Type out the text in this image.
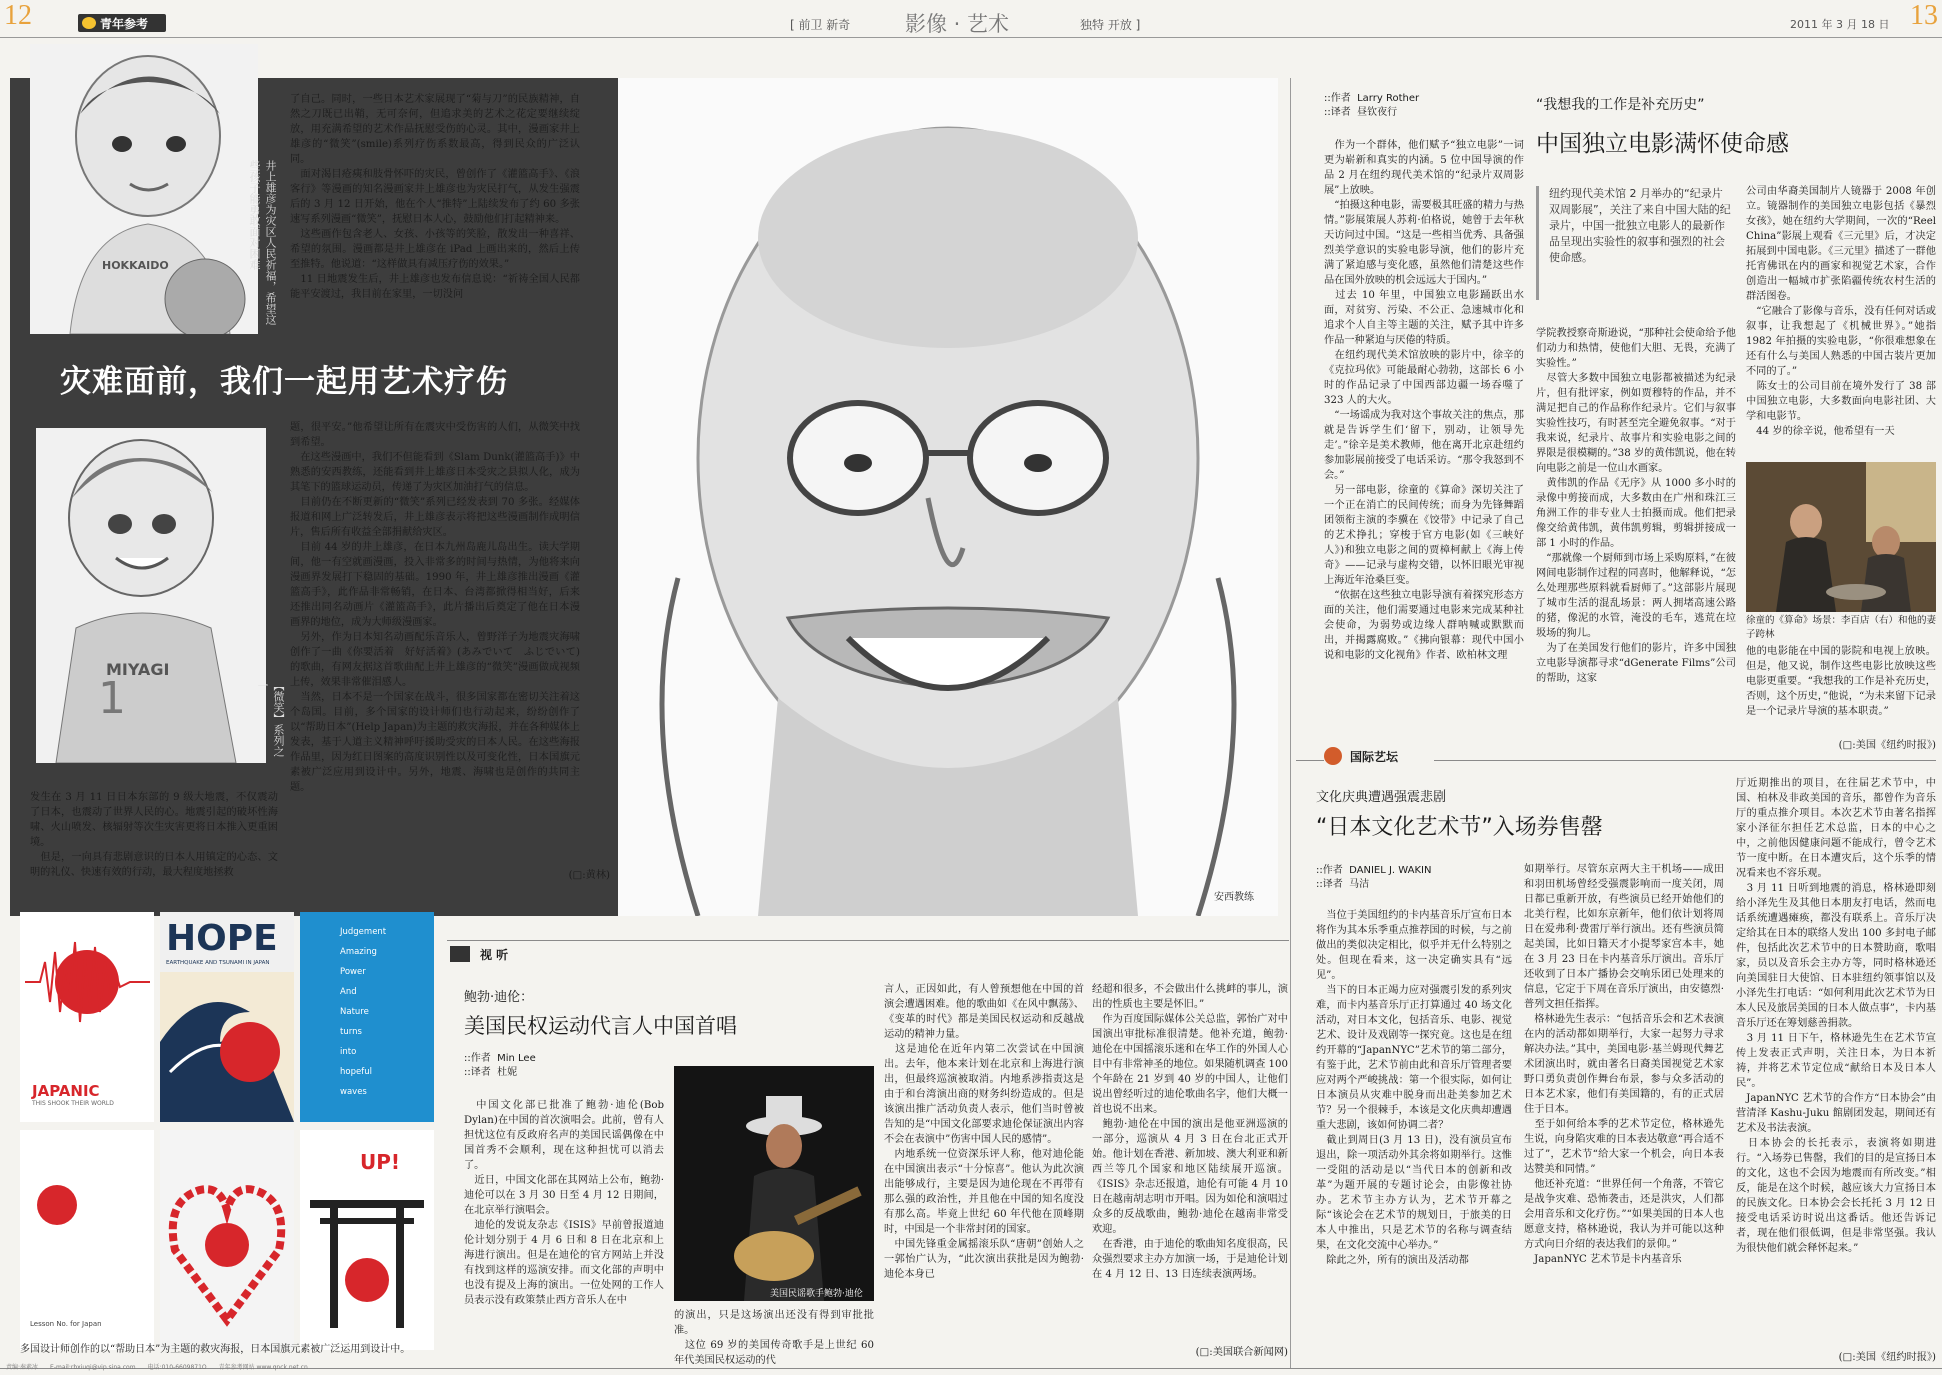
12	青年参考	[ 前卫 新奇	影像 · 艺术	独特 开放 ]	2011 年 3 月 18 日 13
HOKKAIDO	井上雄彦为灾区人民祈福，希望这些孩子能勇敢面对困难
了自己。同时，一些日本艺术家展现了“菊与刀”的民族精神，自然之刀既已出鞘，无可奈何，但追求美的艺术之花定要继续绽放，用充满希望的艺术作品抚慰受伤的心灵。其中，漫画家井上雄彦的“微笑”(smile)系列疗伤系数最高，得到民众的广泛认同。
　面对渴目疮痍和肢骨怀吓的灾民，曾创作了《灌篮高手》、《浪客行》等漫画的知名漫画家井上雄彦也为灾民打气，从发生强震后的 3 月 12 日开始，他在个人“推特”上陆续发布了约 60 多张速写系列漫画“微笑”，抚慰日本人心，鼓励他们打起精神来。
　这些画作包含老人、女孩、小孩等的笑脸，散发出一种喜祥、希望的氛围。漫画都是井上雄彦在 iPad 上画出来的，然后上传至推特。他说道：“这样做具有减压疗伤的效果。”
　11 日地震发生后，井上雄彦也发布信息说：“祈祷全国人民都能平安渡过，我目前在家里，一切没问
灾难面前，我们一起用艺术疗伤
1
MIYAGI
【微笑】系列之一
题，很平安。”他希望让所有在震灾中受伤害的人们，从微笑中找到希望。
　在这些漫画中，我们不但能看到《Slam Dunk(灌篮高手)》中熟悉的安西教练，还能看到井上雄彦日本受灾之县拟人化，成为其笔下的篮球运动员，传递了为灾区加油打气的信息。
　目前仍在不断更新的“微笑”系列已经发表到 70 多张。经媒体报道和网上广泛转发后，井上雄彦表示将把这些漫画制作成明信片，售后所有收益全部捐献给灾区。
　目前 44 岁的井上雄彦，在日本九州岛鹿儿岛出生。读大学期间，他一有空就画漫画，投入非常多的时间与热情，为他将来向漫画界发展打下稳固的基础。1990 年，井上雄彦推出漫画《灌篮高手》，此作品非常畅销，在日本、台湾都掀得相当好，后来还推出同名动画片《灌篮高手》，此片播出后奠定了他在日本漫画界的地位，成为大师级漫画家。
　另外，作为日本知名动画配乐音乐人，曾野洋子为地震灾海啸创作了一曲《你要活着　好好活着》(あみでいて　ふじでいて)的歌曲，有网友据这首歌曲配上井上雄彦的“微笑”漫画做成视频上传，效果非常催泪感人。
　当然，日本不是一个国家在战斗，很多国家都在密切关注着这个岛国。目前，多个国家的设计师们也行动起来，纷纷创作了以“帮助日本”(Help Japan)为主题的救灾海报，并在各种媒体上发表，基于人道主义精神呼吁援助受灾的日本人民。在这些海报作品里，因为红日图案的高度识别性以及可变化性，日本国旗元素被广泛应用到设计中。另外，地震、海啸也是创作的共同主题。
发生在 3 月 11 日日本东部的 9 级大地震，不仅震动了日本，也震动了世界人民的心。地震引起的破坏性海啸、火山喷发、核辐射等次生灾害更将日本推入更重困境。
　但是，一向具有悲剧意识的日本人用镇定的心态、文明的礼仪、快速有效的行动，最大程度地拯救	(□:黄林)
安西教练
JAPANIC
THIS SHOOK THEIR WORLD
HOPE
EARTHQUAKE AND TSUNAMI IN JAPAN
Judgement
Amazing
Power
And
Nature
turns
into
hopeful
waves
Lesson No. for Japan
UP!
多国设计师创作的以“帮助日本”为主题的救灾海报，日本国旗元素被广泛运用到设计中。
视 听
鲍勃·迪伦：
美国民权运动代言人中国首唱
::作者 Min Lee
::译者 杜妮
　中国文化部已批准了鲍勃·迪伦(Bob Dylan)在中国的首次演唱会。此前，曾有人担忧这位有反政府名声的美国民谣偶像在中国首秀不会顺利，现在这种担忧可以消去了。
　近日，中国文化部在其网站上公布，鲍勃·迪伦可以在 3 月 30 日至 4 月 12 日期间，在北京举行演唱会。
　迪伦的发说友杂志《ISIS》早前曾报道迪伦计划分别于 4 月 6 日和 8 日在北京和上海进行演出。但是在迪伦的官方网站上并没有找到这样的巡演安排。而文化部的声明中也没有提及上海的演出。一位处网的工作人员表示没有政策禁止西方音乐人在中
美国民谣歌手鲍勃·迪伦
的演出，只是这场演出还没有得到审批批准。
　这位 69 岁的美国传奇歌手是上世纪 60 年代美国民权运动的代
言人，正因如此，有人曾预想他在中国的首演会遭遇困难。他的歌曲如《在风中飘荡》、《变革的时代》都是美国民权运动和反越战运动的精神力量。
　这是迪伦在近年内第二次尝试在中国演出。去年，他本来计划在北京和上海进行演出，但最终巡演被取消。内地系涉指责这是由于和台湾演出商的财务纠纷造成的。但是该演出推广活动负责人表示，他们当时曾被告知的是“中国文化部要求迪伦保证演出内容不会在表演中”伤害中国人民的感情”。
　内地系统一位资深乐评人称，他对迪伦能在中国演出表示“十分惊喜”。他认为此次演出能够成行，主要是因为迪伦现在不再带有那么强的政治性，并且他在中国的知名度没有那么高。毕竟上世纪 60 年代他在顶峰期时，中国是一个非常封闭的国家。
　中国先锋重金属摇滚乐队“唐朝”创始人之一郭怡广认为，“此次演出获批是因为鲍勃·迪伦本身已
经超和很多，不会做出什么挑衅的事儿，演出的性质也主要是怀旧。”
　作为百度国际媒体公关总监，郭怡广对中国演出审批标准很清楚。他补充道，鲍勃·迪伦在中国摇滚乐迷和在华工作的外国人心目中有非常神圣的地位。如果随机调查 100 个年龄在 21 岁到 40 岁的中国人，让他们说出曾经听过的迪伦歌曲名字，他们大概一首也说不出来。
　鲍勃·迪伦在中国的演出是他亚洲巡演的一部分，巡演从 4 月 3 日在台北正式开始。他计划在香港、新加坡、澳大利亚和新西兰等几个国家和地区陆续展开巡演。《ISIS》杂志还报道，迪伦有可能 4 月 10 日在越南胡志明市开唱。因为如伦和演唱过众多的反战歌曲，鲍勃·迪伦在越南非常受欢迎。
　在香港，由于迪伦的歌曲知名度很高，民众强烈要求主办方加演一场，于是迪伦计划在 4 月 12 日、13 日连续表演两场。
(□:美国联合新闻网)
::作者 Larry Rother
::译者 昼钦夜行	“我想我的工作是补充历史”
中国独立电影满怀使命感
纽约现代美术馆 2 月举办的“纪录片双周影展”，关注了来自中国大陆的纪录片，中国一批独立电影人的最新作品呈现出实验性的叙事和强烈的社会使命感。
　作为一个群体，他们赋予“独立电影”一词更为崭新和真实的内涵。5 位中国导演的作品 2 月在纽约现代美术馆的“纪录片双周影展”上放映。
　“拍摄这种电影，需要极其旺盛的精力与热情。”影展策展人苏莉·伯格说，她曾于去年秋天访问过中国。“这是一些相当优秀、具备强烈美学意识的实验电影导演，他们的影片充满了紧迫感与变化感，虽然他们清楚这些作品在国外放映的机会远远大于国内。”
　过去 10 年里，中国独立电影踊跃出水面，对贫穷、污染、不公正、急速城市化和追求个人自主等主题的关注，赋予其中许多作品一种紧迫与厌倦的特质。
　在纽约现代美术馆放映的影片中，徐辛的《克拉玛依》可能最耐心勃勃，这部长 6 小时的作品记录了中国西部边疆一场吞噬了 323 人的大火。
　“一场谣成为我对这个事故关注的焦点，那就是告诉学生们‘留下，别动，让领导先走’。”徐辛是美术教师，他在离开北京赴纽约参加影展前接受了电话采访。“那令我怒到不会。”
　另一部电影，徐童的《算命》深切关注了一个正在消亡的民间传统；而身为先锋舞蹈团领衔主演的李骥在《饺带》中记录了自己的艺术挣扎；穿梭于官方电影(如《三峡好人》)和独立电影之间的贾樟柯献上《海上传奇》——记录与虚构交错，以怀旧眼光审视上海近年沧桑巨变。
　“依据在这些独立电影导演有着探究形态方面的关注，他们需要通过电影来完成某种社会使命，为弱势或边缘人群呐喊或默默而出，并揭露腐败。”《拂向银幕：现代中国小说和电影的文化视角》作者、欧柏林文理
学院教授察奇斯逊说，“那种社会使命给予他们动力和热情，使他们大胆、无畏，充满了实验性。”
　尽管大多数中国独立电影都被描述为纪录片，但有批评家，例如贾穆特的作品，并不满足把自己的作品称作纪录片。它们与叙事实验性技巧，有时甚至完全避免叙事。“对于我来说，纪录片、故事片和实验电影之间的界限是很模糊的。”38 岁的黄伟凯说，他在转向电影之前是一位山水画家。
　黄伟凯的作品《无序》从 1000 多小时的录像中剪接而成，大多数由在广州和珠江三角洲工作的非专业人士拍摄而成。他们把录像交给黄伟凯，黄伟凯剪辑，剪辑拼接成一部 1 小时的作品。
　“那就像一个厨师到市场上采购原料，”在彼网间电影制作过程的同喜时，他解释说，“怎么处理那些原料就看厨师了。”这部影片展现了城市生活的混乱场景：两人拥堵高速公路的猪，像泥的水管，淹没的毛车，逃荒在垃圾场的狗儿。
　为了在美国发行他们的影片，许多中国独立电影导演都寻求“dGenerate Films”公司的帮助，这家
公司由华裔美国制片人镜器于 2008 年创立。镜器制作的美国独立电影包括《暴烈女孩》，她在纽约大学期间，一次的“Reel China”影展上观看《三元里》后，才决定拓展到中国电影。《三元里》描述了一群他托宵佛讯在内的画家和视觉艺术家，合作创造出一幅城市扩张陷疆传统农村生活的群活图卷。
　“它融合了影像与音乐，没有任何对话或叙事，让我想起了《机械世界》。”她指 1982 年拍摄的实验电影，“你很难想象在还有什么与美国人熟悉的中国古装片更加不同的了。”
　陈女士的公司目前在境外发行了 38 部中国独立电影，大多数面向电影社团、大学和电影节。
　44 岁的徐辛说，他希望有一天
徐童的《算命》场景：李百店（右）和他的妻子跨林
他的电影能在中国的影院和电视上放映。但是，他又说，制作这些电影比放映这些电影更重要。“我想我的工作是补充历史，否则，这个历史，”他说，“为未来留下记录是一个记录片导演的基本职责。”
(□:美国《纽约时报》)
国际艺坛
文化庆典遭遇强震悲剧
“日本文化艺术节”入场券售罄
::作者 DANIEL J. WAKIN
::译者 马洁
　当位于美国纽约的卡内基音乐厅宣布日本将作为其本乐季重点推荐国的时候，与之前做出的类似决定相比，似乎并无什么特别之处。但现在看来，这一决定确实具有“远见”。
　当下的日本正竭力应对强震引发的系列灾难，而卡内基音乐厅正打算通过 40 场文化活动，对日本文化，包括音乐、电影、视觉艺术、设计及戏剧等一探究竟。这也是在纽约开幕的“JapanNYC”艺术节的第二部分，有鉴于此，艺术节前由此和音乐厅管理者要应对两个严峻挑战：第一个很实际，如何让日本演员从灾难中脱身而出赴美参加艺术节？另一个很棘手，本该是文化庆典却遭遇重大悲剧，该如何协调二者？
　截止到周日(3 月 13 日)，没有演员宣布退出，除一项活动外其余将如期举行。这惟一受阻的活动是以“当代日本的创新和改革”为题开展的专题讨论会，由影像社协办。艺术节主办方认为，艺术节开幕之际“该论会在艺术节的规划日，于旅美的日本人中推出，只是艺术节的名称与调查结果，在文化交流中心举办。”
　除此之外，所有的演出及活动都
如期举行。尽管东京两大主干机场——成田和羽田机场曾经受强震影响而一度关闭，周日都已重新开放，有些演员已经开始他们的北美行程，比如东京新年，他们依计划将周日在爱弗利·费雷厅举行演出。还有些演员简起美国，比如日籍天才小提琴家宫本丰，她在 3 月 23 日在卡内基音乐厅演出。音乐厅还收到了日本广播协会交响乐团已处理来的信息，它定于下周在音乐厅演出，由安德烈·普列文担任指挥。
　格林逊先生表示：“包括音乐会和艺术表演在内的活动都如期举行，大家一起努力寻求解决办法。”其中，美国电影·基兰姆现代舞艺术团演出时，就由著名日裔美国视觉艺术家野口勇负责创作舞台布景，参与众多活动的日本艺术家，他们有美国籍的，有的正式居住于日本。
　至于如何给本季的艺术节定位，格林逊先生说，向身陷灾难的日本表达敬意“再合适不过了”，艺术节“给大家一个机会，向日本表达赞美和同情。”
　他还补充道：“世界任何一个角落，不管它是战争灾难、恐怖袭击，还是洪灾，人们都会用音乐和文化疗伤。”“如果美国的日本人也愿意支持，格林逊说，我认为并可能以这种方式向日介绍的表达我们的景仰。”
　JapanNYC 艺术节是卡内基音乐
厅近期推出的项目，在往届艺术节中，中国、柏林及非政美国的音乐，都曾作为音乐厅的重点推介项目。本次艺术节由著名指挥家小泽征尔担任艺术总监，日本的中心之中，之前他因健康问题不能成行，曾令艺术节一度中断。在日本遭灾后，这个乐季的情况看来也不容乐观。
　3 月 11 日听到地震的消息，格林逊即刻给小泽先生及其他日本朋友打电话，然而电话系统遭遇瘫痪，都没有联系上。音乐厅决定给其在日本的联络人发出 100 多封电子邮件，包括此次艺术节中的日本赞助商，歌唱家，员以及音乐会主办方等，同时格林逊还向美国驻日大使馆、日本驻纽约领事馆以及小泽先生打电话：“如何利用此次艺术节为日本人民及旅居美国的日本人做点事”，卡内基音乐厅还在筹划慈善捐款。
　3 月 11 日下午，格林逊先生在艺术节宣传上发表正式声明，关注日本，为日本祈祷，并将艺术节定位成“献给日本及日本人民”。
　JapanNYC 艺术节的合作方“日本协会”由营清泽 Kashu-Juku 館剧团发起，期间还有艺术及书法表演。
　日本协会的长托表示，表演将如期进行。“入场券已售罄，我们的目的是宣扬日本的文化，这也不会因为地震而有所改变。”相反，能是在这个时候，越应该大力宣扬日本的民族文化。日本协会会长托托 3 月 12 日接受电话采访时说出这番话。他还告诉记者，现在他们很低调，但是非常坚强。我认为很快他们就会释怀起来。”
(□:美国《纽约时报》)
责编:秦素冰　　E-mail:rbxiuqi@vip.sina.com　　电话:010-6609871O　　青年参考网站 www.qnck.net.cn
